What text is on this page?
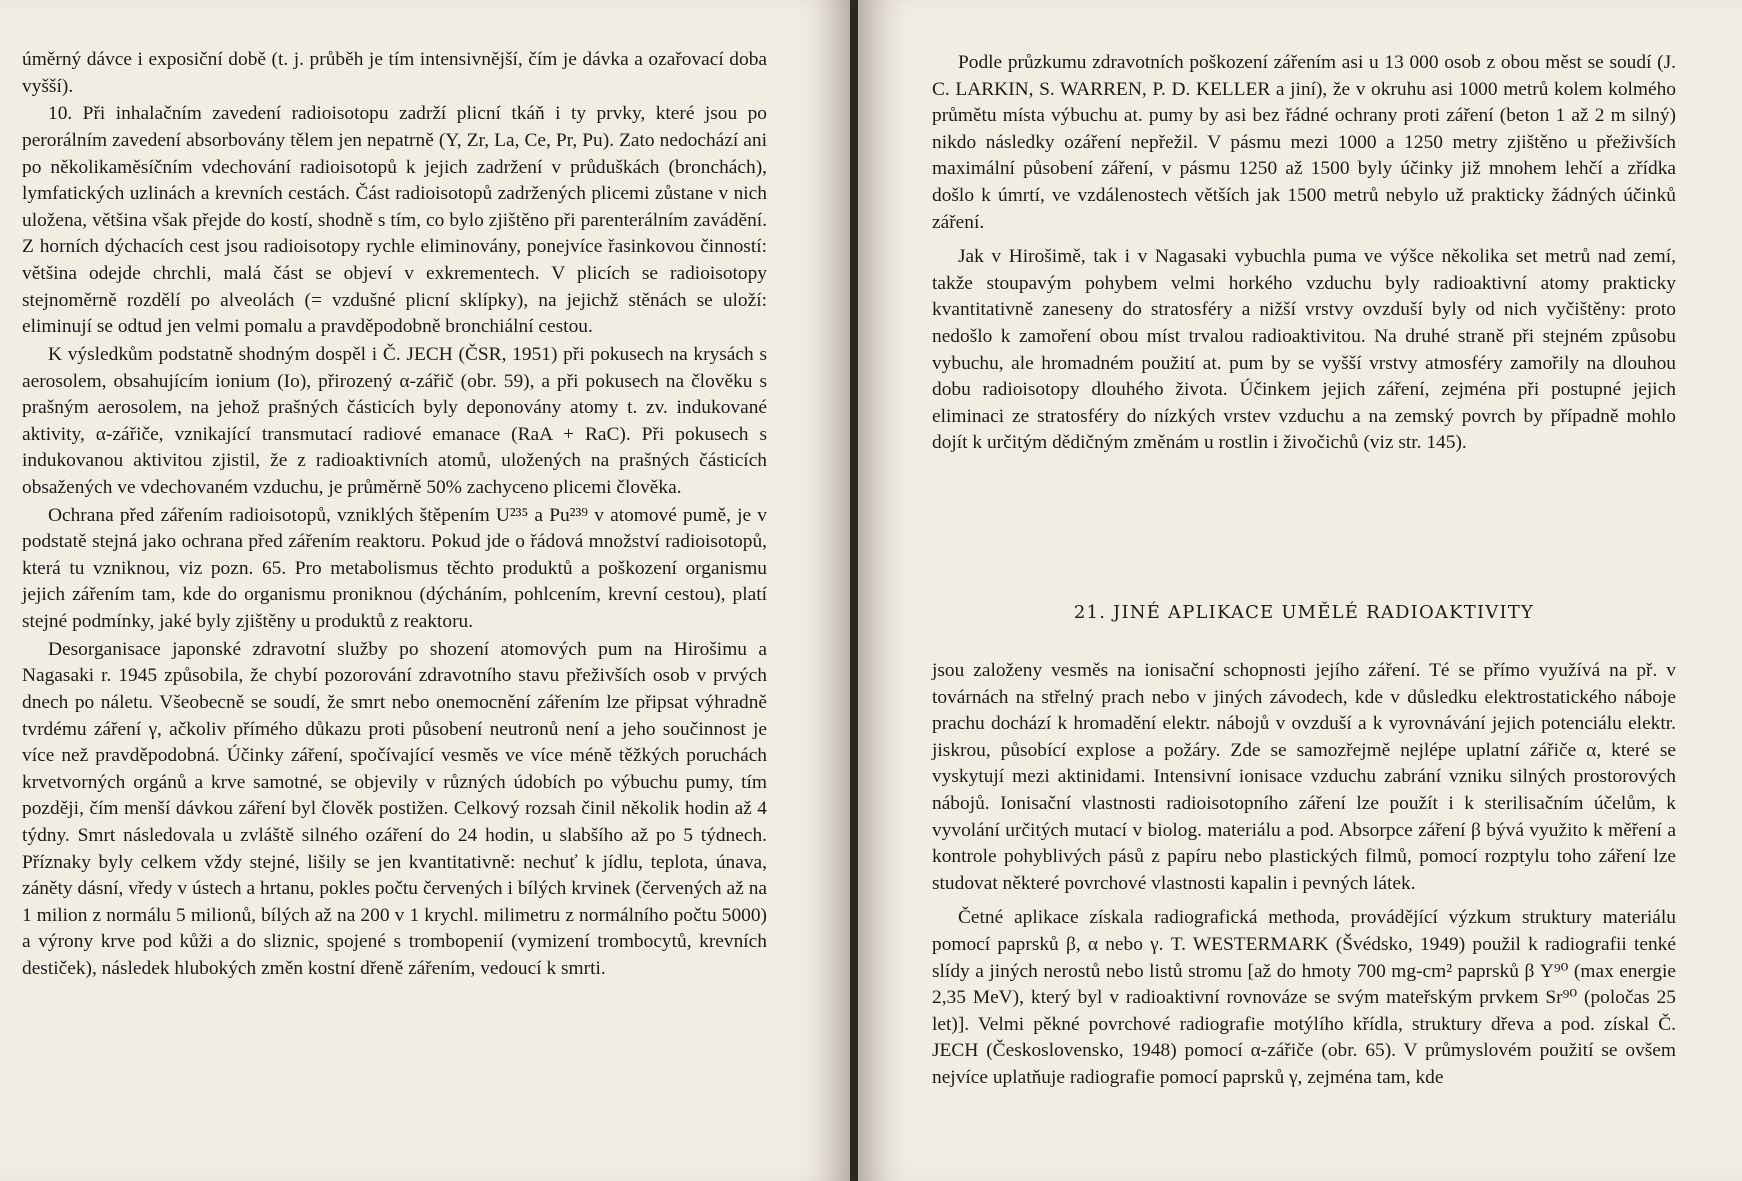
úměrný dávce i exposiční době (t. j. průběh je tím intensivnější, čím je dávka a ozařovací doba vyšší).

10. Při inhalačním zavedení radioisotopu zadrží plicní tkáň i ty prvky, které jsou po perorálním zavedení absorbovány tělem jen nepatrně (Y, Zr, La, Ce, Pr, Pu). Zato nedochází ani po několikaměsíčním vdechování radioisotopů k jejich zadržení v průduškách (bronchách), lymfatických uzlinách a krevních cestách. Část radioisotopů zadržených plicemi zůstane v nich uložena, většina však přejde do kostí, shodně s tím, co bylo zjištěno při parenterálním zavádění. Z horních dýchacích cest jsou radioisotopy rychle eliminovány, ponejvíce řasinkovou činností: většina odejde chrchli, malá část se objeví v exkrementech. V plicích se radioisotopy stejnoměrně rozdělí po alveolách (= vzdušné plicní sklípky), na jejichž stěnách se uloží: eliminují se odtud jen velmi pomalu a pravděpodobně bronchiální cestou.

K výsledkům podstatně shodným dospěl i Č. JECH (ČSR, 1951) při pokusech na krysách s aerosolem, obsahujícím ionium (Io), přirozený α-zářič (obr. 59), a při pokusech na člověku s prašným aerosolem, na jehož prašných částicích byly deponovány atomy t. zv. indukované aktivity, α-zářiče, vznikající transmutací radiové emanace (RaA + RaC). Při pokusech s indukovanou aktivitou zjistil, že z radioaktivních atomů, uložených na prašných částicích obsažených ve vdechovaném vzduchu, je průměrně 50% zachyceno plicemi člověka.

Ochrana před zářením radioisotopů, vzniklých štěpením U²³⁵ a Pu²³⁹ v atomové pumě, je v podstatě stejná jako ochrana před zářením reaktoru. Pokud jde o řádová množství radioisotopů, která tu vzniknou, viz pozn. 65. Pro metabolismus těchto produktů a poškození organismu jejich zářením tam, kde do organismu proniknou (dýcháním, pohlcením, krevní cestou), platí stejné podmínky, jaké byly zjištěny u produktů z reaktoru.

Desorganisace japonské zdravotní služby po shození atomových pum na Hirošimu a Nagasaki r. 1945 způsobila, že chybí pozorování zdravotního stavu přeživších osob v prvých dnech po náletu. Všeobecně se soudí, že smrt nebo onemocnění zářením lze připsat výhradně tvrdému záření γ, ačkoliv přímého důkazu proti působení neutronů není a jeho součinnost je více než pravděpodobná. Účinky záření, spočívající vesměs ve více méně těžkých poruchách krvetvorných orgánů a krve samotné, se objevily v různých údobích po výbuchu pumy, tím později, čím menší dávkou záření byl člověk postižen. Celkový rozsah činil několik hodin až 4 týdny. Smrt následovala u zvláště silného ozáření do 24 hodin, u slabšího až po 5 týdnech. Příznaky byly celkem vždy stejné, lišily se jen kvantitativně: nechuť k jídlu, teplota, únava, záněty dásní, vředy v ústech a hrtanu, pokles počtu červených i bílých krvinek (červených až na 1 milion z normálu 5 milionů, bílých až na 200 v 1 krychl. milimetru z normálního počtu 5000) a výrony krve pod kůži a do sliznic, spojené s trombopenií (vymizení trombocytů, krevních destiček), následek hlubokých změn kostní dřeně zářením, vedoucí k smrti.

Podle průzkumu zdravotních poškození zářením asi u 13 000 osob z obou měst se soudí (J. C. LARKIN, S. WARREN, P. D. KELLER a jiní), že v okruhu asi 1000 metrů kolem kolmého průmětu místa výbuchu at. pumy by asi bez řádné ochrany proti záření (beton 1 až 2 m silný) nikdo následky ozáření nepřežil. V pásmu mezi 1000 a 1250 metry zjištěno u přeživších maximální působení záření, v pásmu 1250 až 1500 byly účinky již mnohem lehčí a zřídka došlo k úmrtí, ve vzdálenostech větších jak 1500 metrů nebylo už prakticky žádných účinků záření.

Jak v Hirošimě, tak i v Nagasaki vybuchla puma ve výšce několika set metrů nad zemí, takže stoupavým pohybem velmi horkého vzduchu byly radioaktivní atomy prakticky kvantitativně zaneseny do stratosféry a nižší vrstvy ovzduší byly od nich vyčištěny: proto nedošlo k zamoření obou míst trvalou radioaktivitou. Na druhé straně při stejném způsobu vybuchu, ale hromadném použití at. pum by se vyšší vrstvy atmosféry zamořily na dlouhou dobu radioisotopy dlouhého života. Účinkem jejich záření, zejména při postupné jejich eliminaci ze stratosféry do nízkých vrstev vzduchu a na zemský povrch by případně mohlo dojít k určitým dědičným změnám u rostlin i živočichů (viz str. 145).

21. JINÉ APLIKACE UMĚLÉ RADIOAKTIVITY

jsou založeny vesměs na ionisační schopnosti jejího záření. Té se přímo využívá na př. v továrnách na střelný prach nebo v jiných závodech, kde v důsledku elektrostatického náboje prachu dochází k hromadění elektr. nábojů v ovzduší a k vyrovnávání jejich potenciálu elektr. jiskrou, působící explose a požáry. Zde se samozřejmě nejlépe uplatní zářiče α, které se vyskytují mezi aktinidami. Intensivní ionisace vzduchu zabrání vzniku silných prostorových nábojů. Ionisační vlastnosti radioisotopního záření lze použít i k sterilisačním účelům, k vyvolání určitých mutací v biolog. materiálu a pod. Absorpce záření β bývá využito k měření a kontrole pohyblivých pásů z papíru nebo plastických filmů, pomocí rozptylu toho záření lze studovat některé povrchové vlastnosti kapalin i pevných látek.

Četné aplikace získala radiografická methoda, provádějící výzkum struktury materiálu pomocí paprsků β, α nebo γ. T. WESTERMARK (Švédsko, 1949) použil k radiografii tenké slídy a jiných nerostů nebo listů stromu [až do hmoty 700 mg-cm² paprsků β Y⁹⁰ (max energie 2,35 MeV), který byl v radioaktivní rovnováze se svým mateřským prvkem Sr⁹⁰ (poločas 25 let)]. Velmi pěkné povrchové radiografie motýlího křídla, struktury dřeva a pod. získal Č. JECH (Československo, 1948) pomocí α-zářiče (obr. 65). V průmyslovém použití se ovšem nejvíce uplatňuje radiografie pomocí paprsků γ, zejména tam, kde
